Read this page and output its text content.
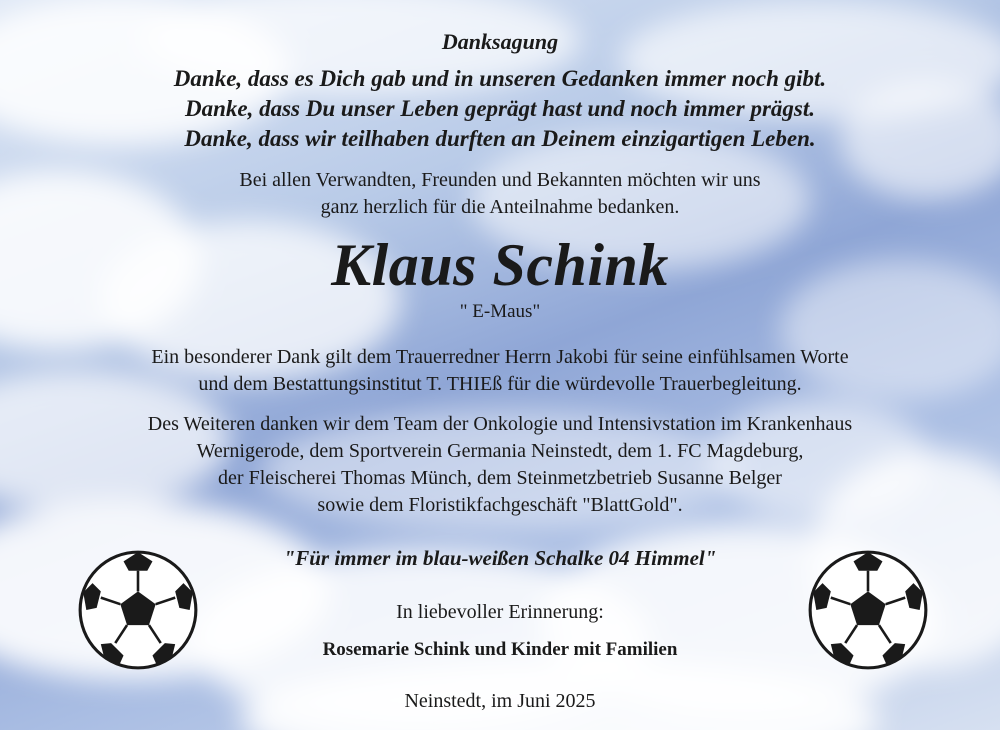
Danksagung

Danke, dass es Dich gab und in unseren Gedanken immer noch gibt.

Danke, dass Du unser Leben geprägt hast und noch immer prägst.

Danke, dass wir teilhaben durften an Deinem einzigartigen Leben.

Bei allen Verwandten, Freunden und Bekannten möchten wir uns

ganz herzlich für die Anteilnahme bedanken.

Klaus Schink

" E-Maus"

Ein besonderer Dank gilt dem Trauerredner Herrn Jakobi für seine einfühlsamen Worte

und dem Bestattungsinstitut T. THIEß für die würdevolle Trauerbegleitung.

Des Weiteren danken wir dem Team der Onkologie und Intensivstation im Krankenhaus

Wernigerode, dem Sportverein Germania Neinstedt, dem 1. FC Magdeburg,

der Fleischerei Thomas Münch, dem Steinmetzbetrieb Susanne Belger

sowie dem Floristikfachgeschäft "BlattGold".

"Für immer im blau-weißen Schalke 04 Himmel"

In liebevoller Erinnerung:

Rosemarie Schink und Kinder mit Familien

Neinstedt, im Juni 2025
